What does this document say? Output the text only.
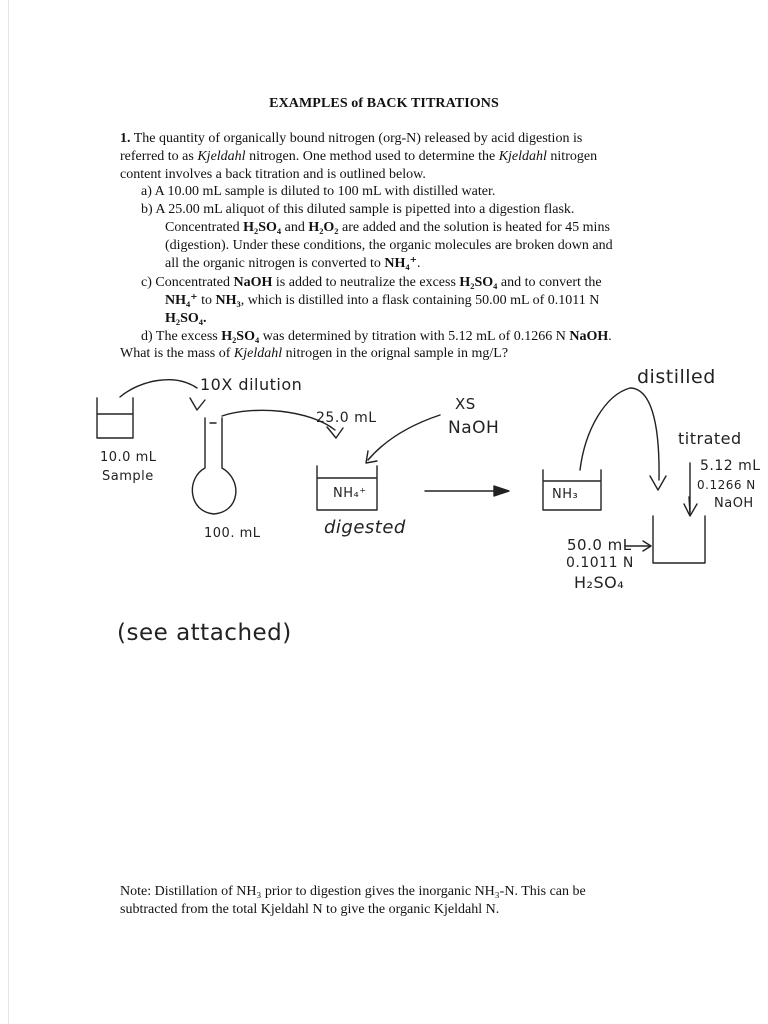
EXAMPLES of BACK TITRATIONS
1. The quantity of organically bound nitrogen (org-N) released by acid digestion is
referred to as Kjeldahl nitrogen. One method used to determine the Kjeldahl nitrogen
content involves a back titration and is outlined below.
a) A 10.00 mL sample is diluted to 100 mL with distilled water.
b) A 25.00 mL aliquot of this diluted sample is pipetted into a digestion flask.
Concentrated H₂SO₄ and H₂O₂ are added and the solution is heated for 45 mins
(digestion). Under these conditions, the organic molecules are broken down and
all the organic nitrogen is converted to NH₄⁺.
c) Concentrated NaOH is added to neutralize the excess H₂SO₄ and to convert the
NH₄⁺ to NH₃, which is distilled into a flask containing 50.00 mL of 0.1011 N
H₂SO₄.
d) The excess H₂SO₄ was determined by titration with 5.12 mL of 0.1266 N NaOH.
What is the mass of Kjeldahl nitrogen in the orignal sample in mg/L?
10X dilution
10.0 mL
Sample
100. mL
25.0 mL
XS
NaOH
NH₄⁺
digested
NH₃
distilled
titrated
5.12 mL
0.1266 N
NaOH
50.0 mL
0.1011 N
H₂SO₄
(see attached)
Note: Distillation of NH₃ prior to digestion gives the inorganic NH₃-N. This can be
subtracted from the total Kjeldahl N to give the organic Kjeldahl N.
